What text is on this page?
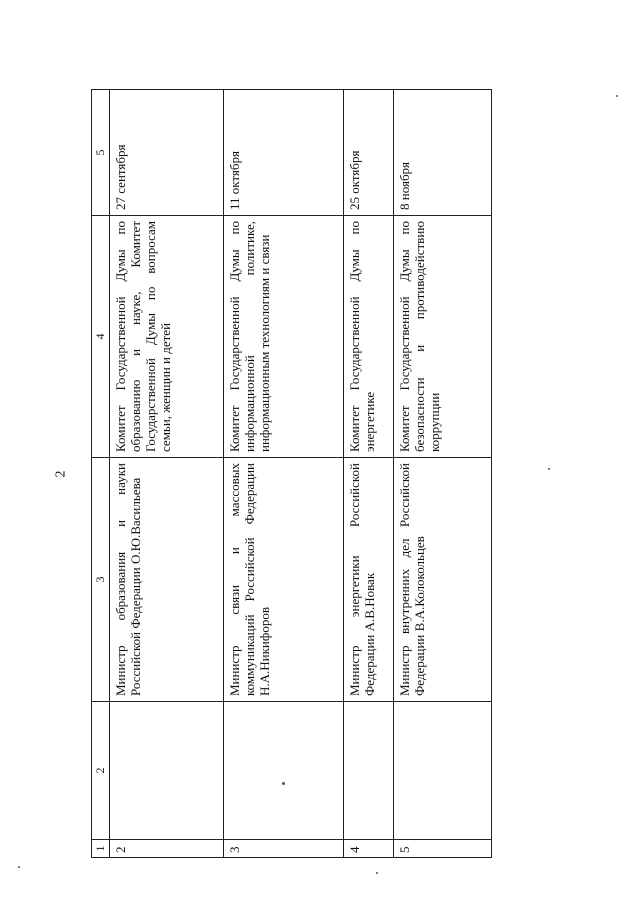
2
1	2	3	4	5
2		Министр образования и науки Российской Федерации О.Ю.Васильева	Комитет Государственной Думы по образованию и науке, Комитет Государственной Думы по вопросам семьи, женщин и детей	27 сентября
3		Министр связи и массовых коммуникаций Российской Федерации Н.А.Никифоров	Комитет Государственной Думы по информационной политике, информационным технологиям и связи	11 октября
4		Министр энергетики Российской Федерации А.В.Новак	Комитет Государственной Думы по энергетике	25 октября
5		Министр внутренних дел Российской Федерации В.А.Колокольцев	Комитет Государственной Думы по безопасности и противодействию коррупции	8 ноября
